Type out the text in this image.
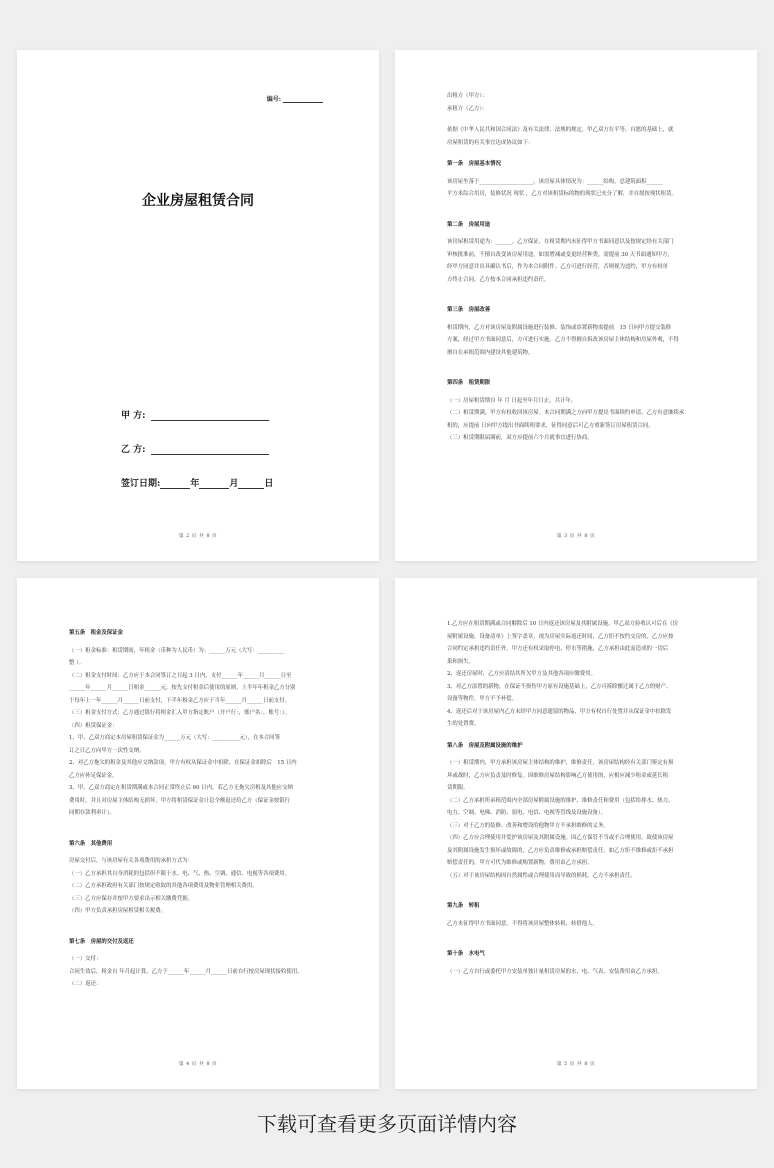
编号:
企业房屋租赁合同
甲 方:
乙 方:
签订日期:	年	月	日
第 2 页 共 8 页
出租方（甲方）：
承租方（乙方）：
依据《中华人民共和国合同法》及有关法律、法规的规定，甲乙双方在平等、自愿的基础上，就
房屋租赁的有关事宜达成协议如下：
第一条　房屋基本情况
该房屋坐落于____________________，该房屋具体情况为：______结构，总建筑面积______
平方米综合用房，装修状况 现状 ，乙方对该租赁标的物的现状已充分了解，并自愿按现状租赁。
第二条　房屋用途
该房屋租赁用途为：______。乙方保证，在租赁期内未征得甲方书面同意以及按规定经有关部门
审核批准前，不擅自改变该房屋用途。如需增减或变更经营种类，需提前 30 天书面通知甲方，
经甲方同意并出具确认书后，作为本合同附件。乙方可进行经营，否则视为违约，甲方有权单
方终止合同，乙方按本合同承担违约责任。
第三条　房屋改善
租赁期内，乙方对该房屋及附属设施进行装修、装饰或添置新物需提前　15 日向甲方提交装修
方案，经过甲方书面同意后，方可进行实施。乙方不得擅自拆改该房屋主体结构和房屋外观，不得
擅自在承租范围内建设其他建筑物。
第四条　租赁期限
（一）房屋租赁期自 年 月 日起至年月日止，共计年。
（二）租赁期满，甲方有权收回该房屋。本合同期满之方向甲方提出书面续约申请，乙方有意继续承
租的，应提前 日向甲方提出书面续租要求，征得同意后可乙方重新签订房屋租赁合同。
（三）租赁期限届满前，双方应提前六个月就事宜进行协商。
第 3 页 共 8 页
第五条　租金及保证金
（一）租金标准：租赁期间，年租金（币种为人民币）为：______万元（大写：__________
整 ）。
（二）租金支付时间：乙方应于本合同签订之日起 3 日内，支付______年______月______日至
______年______月______日租金______元，按先支付租金后使用的原则，上半年年租金乙方分别
于每年上一年______月______日前支付，下半年租金乙方应于当年______月______日前支付。
（三）租金支付方式：乙方通过银行将租金汇入甲方指定账户（开户行：，账户名：，账号：）。
（四）租赁保证金：
1、甲、乙双方商定本房屋租赁保证金为______万元（大写：__________元），在本合同签
订之日乙方向甲方一次性交纳。
2、对乙方拖欠的租金及其他应交纳款项，甲方有权从保证金中扣除。在保证金扣除后　15 日内
乙方应补足保证金。
3、甲、乙双方商定在租赁期满或本合同正常终止后 60 日内，若乙方无拖欠房租及其他应交纳
费用时，并且对房屋主体结构无损坏，甲方将租赁保证金计息全额退还给乙方（保证金按银行
同期存款利率计）。
第六条　其他费用
房屋交付后，与该房屋有关各项费用的承担方式为：
（一）乙方承担其自身消耗的包括但不限于水、电、气、热、空调、通信、电视等各项费用。
（二）乙方承担政府有关部门按规定收取的其他各项费用及物业管理相关费用。
（三）乙方应保存并按甲方要求出示相关缴费凭据。
（四）甲方负责承担房屋租赁相关税费。
第七条　房屋的交付及返还
（一）交付：
合同生效后，租金自 年月起计算，乙方于______年______月______日前自行按房屋现状接收使用。
（二）返还：
第 4 页 共 8 页
1.乙方应在租赁期满或合同解除后 10 日内返还该房屋及其附属设施。甲乙双方验收认可后在《房
屋附属设施、设备清单》上签字盖章。视为房屋实际返还时间，乙方拒不按约交房的，乙方应按
合同约定承担违约责任外，甲方还有权采取停电、停水等措施，乙方承担由此而造成的一切后
果和损失。
2、返还房屋时，乙方应清结其所欠甲方及其他各项应缴费用。
3、对乙方添置的新物，在保证不损伤甲方原有设施基础上，乙方可拆除搬迁属于乙方的财产、
设备等物件，甲方不予补偿。
4、返还后对于该房屋内乙方未经甲方同意遗留的物品，甲方有权自行处置并从保证金中扣除发
生的处置费。
第八条　房屋及附属设施的维护
（一）租赁期内，甲方承担该房屋主体结构的维护、维修责任，该房屋结构经有关部门鉴定有损
坏或战时，乙方应负责及时修复。因维修房屋结构影响乙方使用的，应相应减少租金或延长租
赁期限。
（二）乙方承担所承租范围内全部房屋附属设施的维护、维修责任和费用（包括给排水、热力、
电力、空调、电梯、消防、弱电、电信、电视等管线及设施设备）。
（三）对于乙方的装修、改善和增设的他物甲方不承担维修的义务。
（四）乙方应合理使用并爱护该房屋及其附属设施。因乙方保管不当或不合理使用，致使该房屋
及其附属设施发生损坏或故障的，乙方应负责维修或承担赔偿责任。如乙方拒不维修或拒不承担
赔偿责任的，甲方可代为维修或购置新物，费用由乙方承担。
（五）对于该房屋结构因自然属性或合理使用而导致的损耗，乙方不承担责任。
第九条　转租
乙方未征得甲方书面同意，不得将该房屋整体转租、转借他人。
第十条　水电气
（一）乙方自行或委托甲方安装单独计量租赁房屋的水、电、气表，安装费用由乙方承担。
第 5 页 共 8 页
下载可查看更多页面详情内容
